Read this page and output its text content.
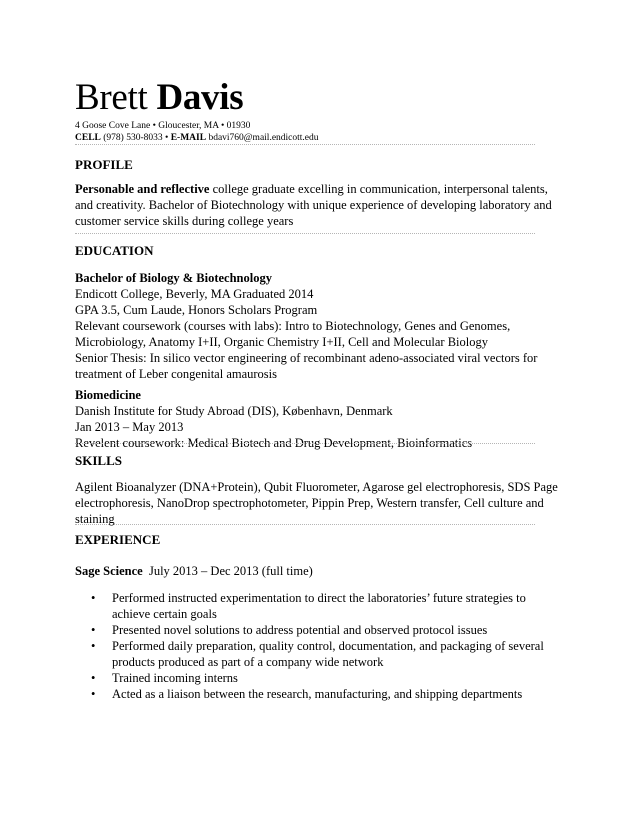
Brett Davis
4 Goose Cove Lane • Gloucester, MA • 01930
CELL (978) 530-8033 • E-MAIL bdavi760@mail.endicott.edu
PROFILE
Personable and reflective college graduate excelling in communication, interpersonal talents,
and creativity. Bachelor of Biotechnology with unique experience of developing laboratory and
customer service skills during college years
EDUCATION
Bachelor of Biology & Biotechnology
Endicott College, Beverly, MA Graduated 2014
GPA 3.5, Cum Laude, Honors Scholars Program
Relevant coursework (courses with labs): Intro to Biotechnology, Genes and Genomes,
Microbiology, Anatomy I+II, Organic Chemistry I+II, Cell and Molecular Biology
Senior Thesis: In silico vector engineering of recombinant adeno-associated viral vectors for
treatment of Leber congenital amaurosis
Biomedicine
Danish Institute for Study Abroad (DIS), København, Denmark
Jan 2013 – May 2013
Revelent coursework: Medical Biotech and Drug Development, Bioinformatics
SKILLS
Agilent Bioanalyzer (DNA+Protein), Qubit Fluorometer, Agarose gel electrophoresis, SDS Page
electrophoresis, NanoDrop spectrophotometer, Pippin Prep, Western transfer, Cell culture and
staining
EXPERIENCE
Sage Science July 2013 – Dec 2013 (full time)
• Performed instructed experimentation to direct the laboratories’ future strategies to
achieve certain goals
• Presented novel solutions to address potential and observed protocol issues
• Performed daily preparation, quality control, documentation, and packaging of several
products produced as part of a company wide network
• Trained incoming interns
• Acted as a liaison between the research, manufacturing, and shipping departments
